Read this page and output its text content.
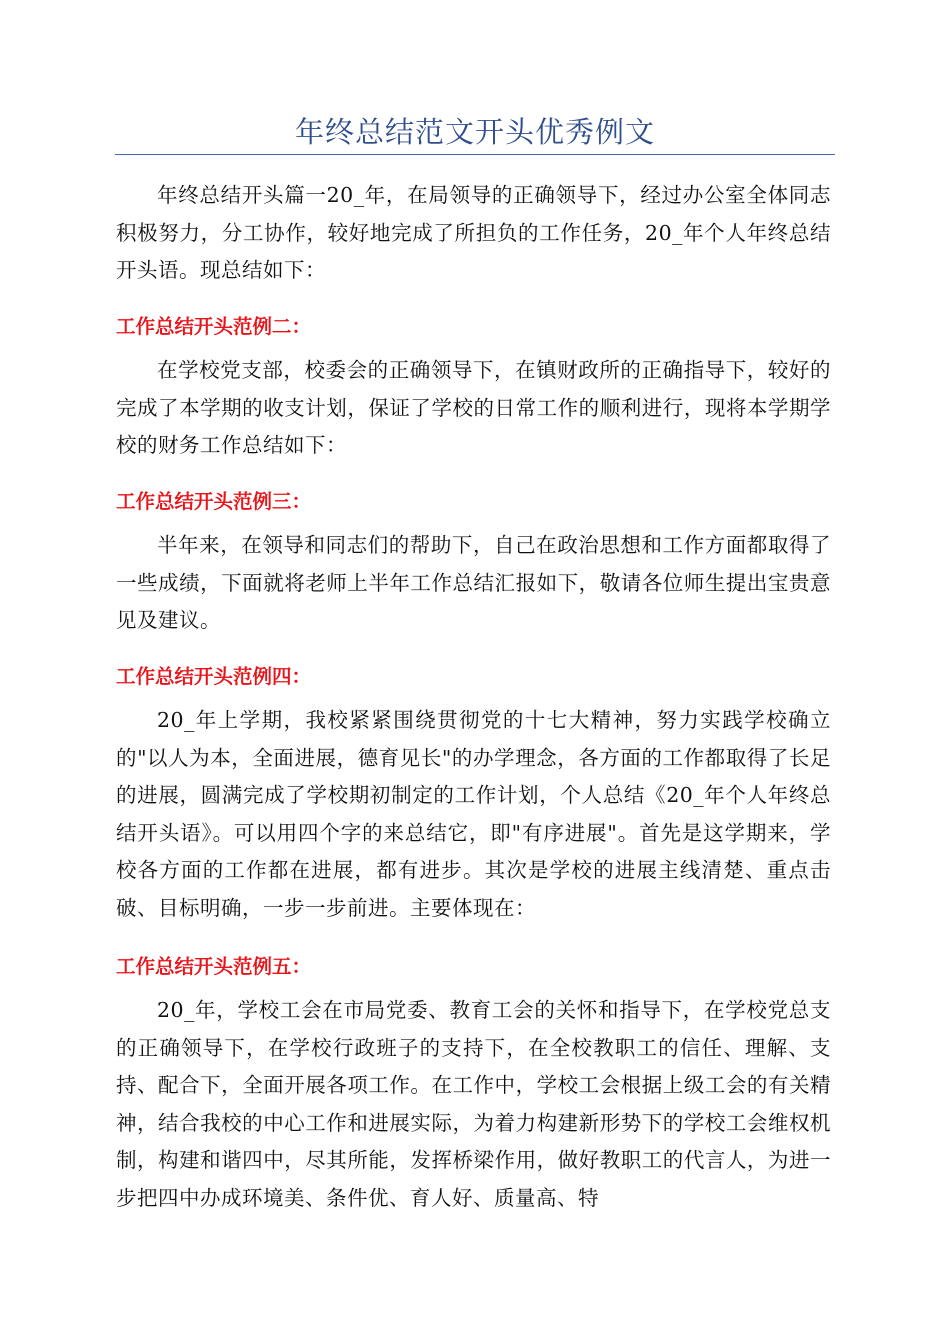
年终总结范文开头优秀例文

年终总结开头篇一20_年，在局领导的正确领导下，经过办公室全体同志积极努力，分工协作，较好地完成了所担负的工作任务，20_年个人年终总结开头语。现总结如下：

工作总结开头范例二：

在学校党支部，校委会的正确领导下，在镇财政所的正确指导下，较好的完成了本学期的收支计划，保证了学校的日常工作的顺利进行，现将本学期学校的财务工作总结如下：

工作总结开头范例三：

半年来，在领导和同志们的帮助下，自己在政治思想和工作方面都取得了一些成绩，下面就将老师上半年工作总结汇报如下，敬请各位师生提出宝贵意见及建议。

工作总结开头范例四：

20_年上学期，我校紧紧围绕贯彻党的十七大精神，努力实践学校确立的"以人为本，全面进展，德育见长"的办学理念，各方面的工作都取得了长足的进展，圆满完成了学校期初制定的工作计划，个人总结《20_年个人年终总结开头语》。可以用四个字的来总结它，即"有序进展"。首先是这学期来，学校各方面的工作都在进展，都有进步。其次是学校的进展主线清楚、重点击破、目标明确，一步一步前进。主要体现在：

工作总结开头范例五：

20_年，学校工会在市局党委、教育工会的关怀和指导下，在学校党总支的正确领导下，在学校行政班子的支持下，在全校教职工的信任、理解、支持、配合下，全面开展各项工作。在工作中，学校工会根据上级工会的有关精神，结合我校的中心工作和进展实际，为着力构建新形势下的学校工会维权机制，构建和谐四中，尽其所能，发挥桥梁作用，做好教职工的代言人，为进一步把四中办成环境美、条件优、育人好、质量高、特
